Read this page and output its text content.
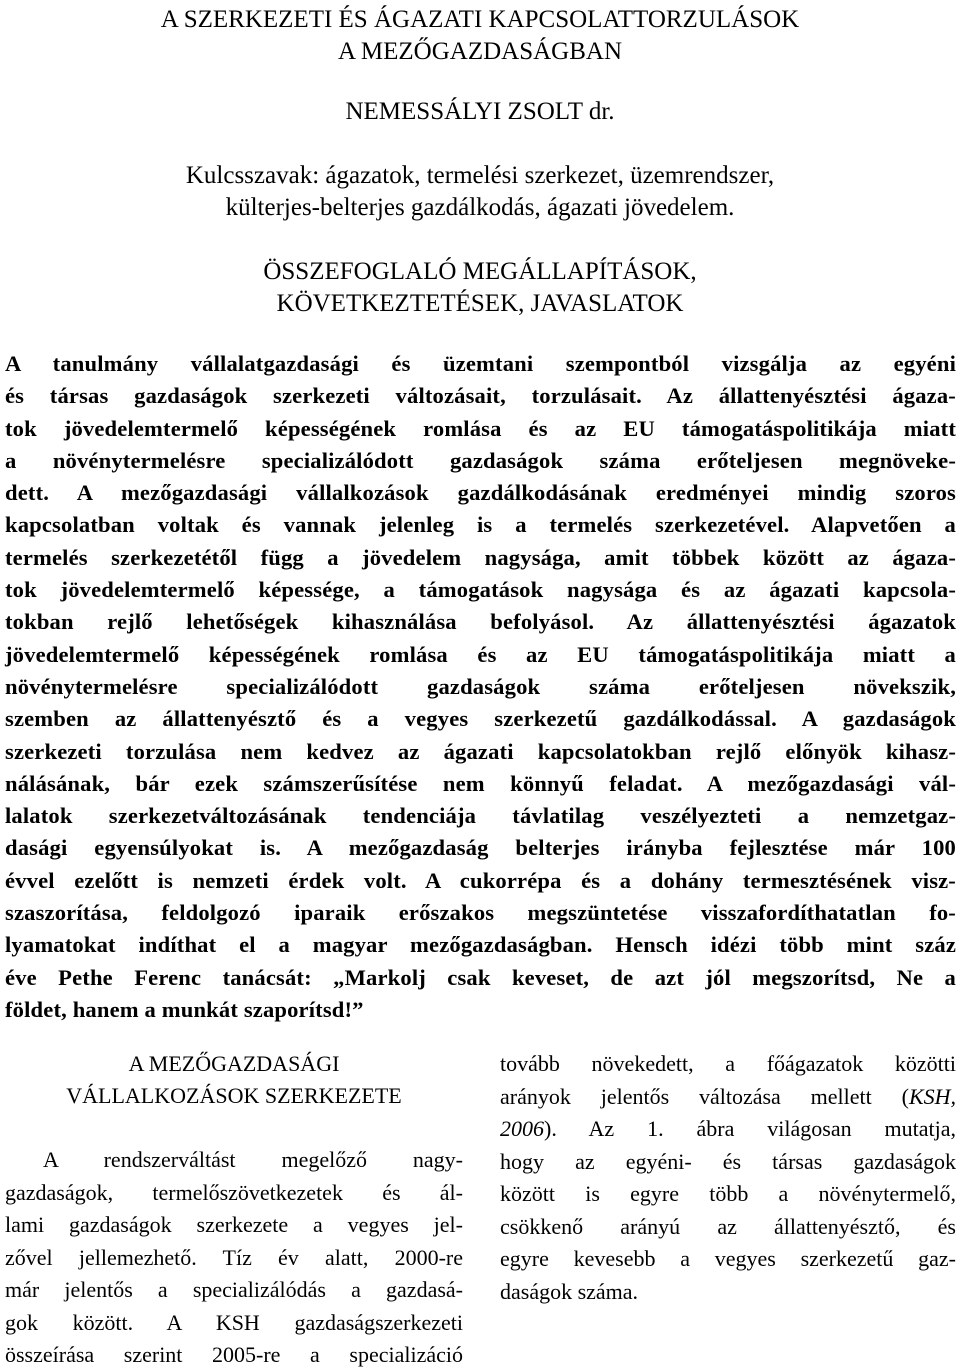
A SZERKEZETI ÉS ÁGAZATI KAPCSOLATTORZULÁSOK
A MEZŐGAZDASÁGBAN
NEMESSÁLYI ZSOLT dr.
Kulcsszavak: ágazatok, termelési szerkezet, üzemrendszer,
külterjes-belterjes gazdálkodás, ágazati jövedelem.
ÖSSZEFOGLALÓ MEGÁLLAPÍTÁSOK,
KÖVETKEZTETÉSEK, JAVASLATOK
A tanulmány vállalatgazdasági és üzemtani szempontból vizsgálja az egyéni
és társas gazdaságok szerkezeti változásait, torzulásait. Az állattenyésztési ágaza-
tok jövedelemtermelő képességének romlása és az EU támogatáspolitikája miatt
a növénytermelésre specializálódott gazdaságok száma erőteljesen megnöveke-
dett. A mezőgazdasági vállalkozások gazdálkodásának eredményei mindig szoros
kapcsolatban voltak és vannak jelenleg is a termelés szerkezetével. Alapvetően a
termelés szerkezetétől függ a jövedelem nagysága, amit többek között az ágaza-
tok jövedelemtermelő képessége, a támogatások nagysága és az ágazati kapcsola-
tokban rejlő lehetőségek kihasználása befolyásol. Az állattenyésztési ágazatok
jövedelemtermelő képességének romlása és az EU támogatáspolitikája miatt a
növénytermelésre specializálódott gazdaságok száma erőteljesen növekszik,
szemben az állattenyésztő és a vegyes szerkezetű gazdálkodással. A gazdaságok
szerkezeti torzulása nem kedvez az ágazati kapcsolatokban rejlő előnyök kihasz-
nálásának, bár ezek számszerűsítése nem könnyű feladat. A mezőgazdasági vál-
lalatok szerkezetváltozásának tendenciája távlatilag veszélyezteti a nemzetgaz-
dasági egyensúlyokat is. A mezőgazdaság belterjes irányba fejlesztése már 100
évvel ezelőtt is nemzeti érdek volt. A cukorrépa és a dohány termesztésének visz-
szaszorítása, feldolgozó iparaik erőszakos megszüntetése visszafordíthatatlan fo-
lyamatokat indíthat el a magyar mezőgazdaságban. Hensch idézi több mint száz
éve Pethe Ferenc tanácsát: „Markolj csak keveset, de azt jól megszorítsd, Ne a
földet, hanem a munkát szaporítsd!”
A MEZŐGAZDASÁGI
VÁLLALKOZÁSOK SZERKEZETE
A rendszerváltást megelőző nagy-
gazdaságok, termelőszövetkezetek és ál-
lami gazdaságok szerkezete a vegyes jel-
zővel jellemezhető. Tíz év alatt, 2000-re
már jelentős a specializálódás a gazdasá-
gok között. A KSH gazdaságszerkezeti
összeírása szerint 2005-re a specializáció
tovább növekedett, a főágazatok közötti
arányok jelentős változása mellett (KSH,
2006). Az 1. ábra világosan mutatja,
hogy az egyéni- és társas gazdaságok
között is egyre több a növénytermelő,
csökkenő arányú az állattenyésztő, és
egyre kevesebb a vegyes szerkezetű gaz-
daságok száma.
